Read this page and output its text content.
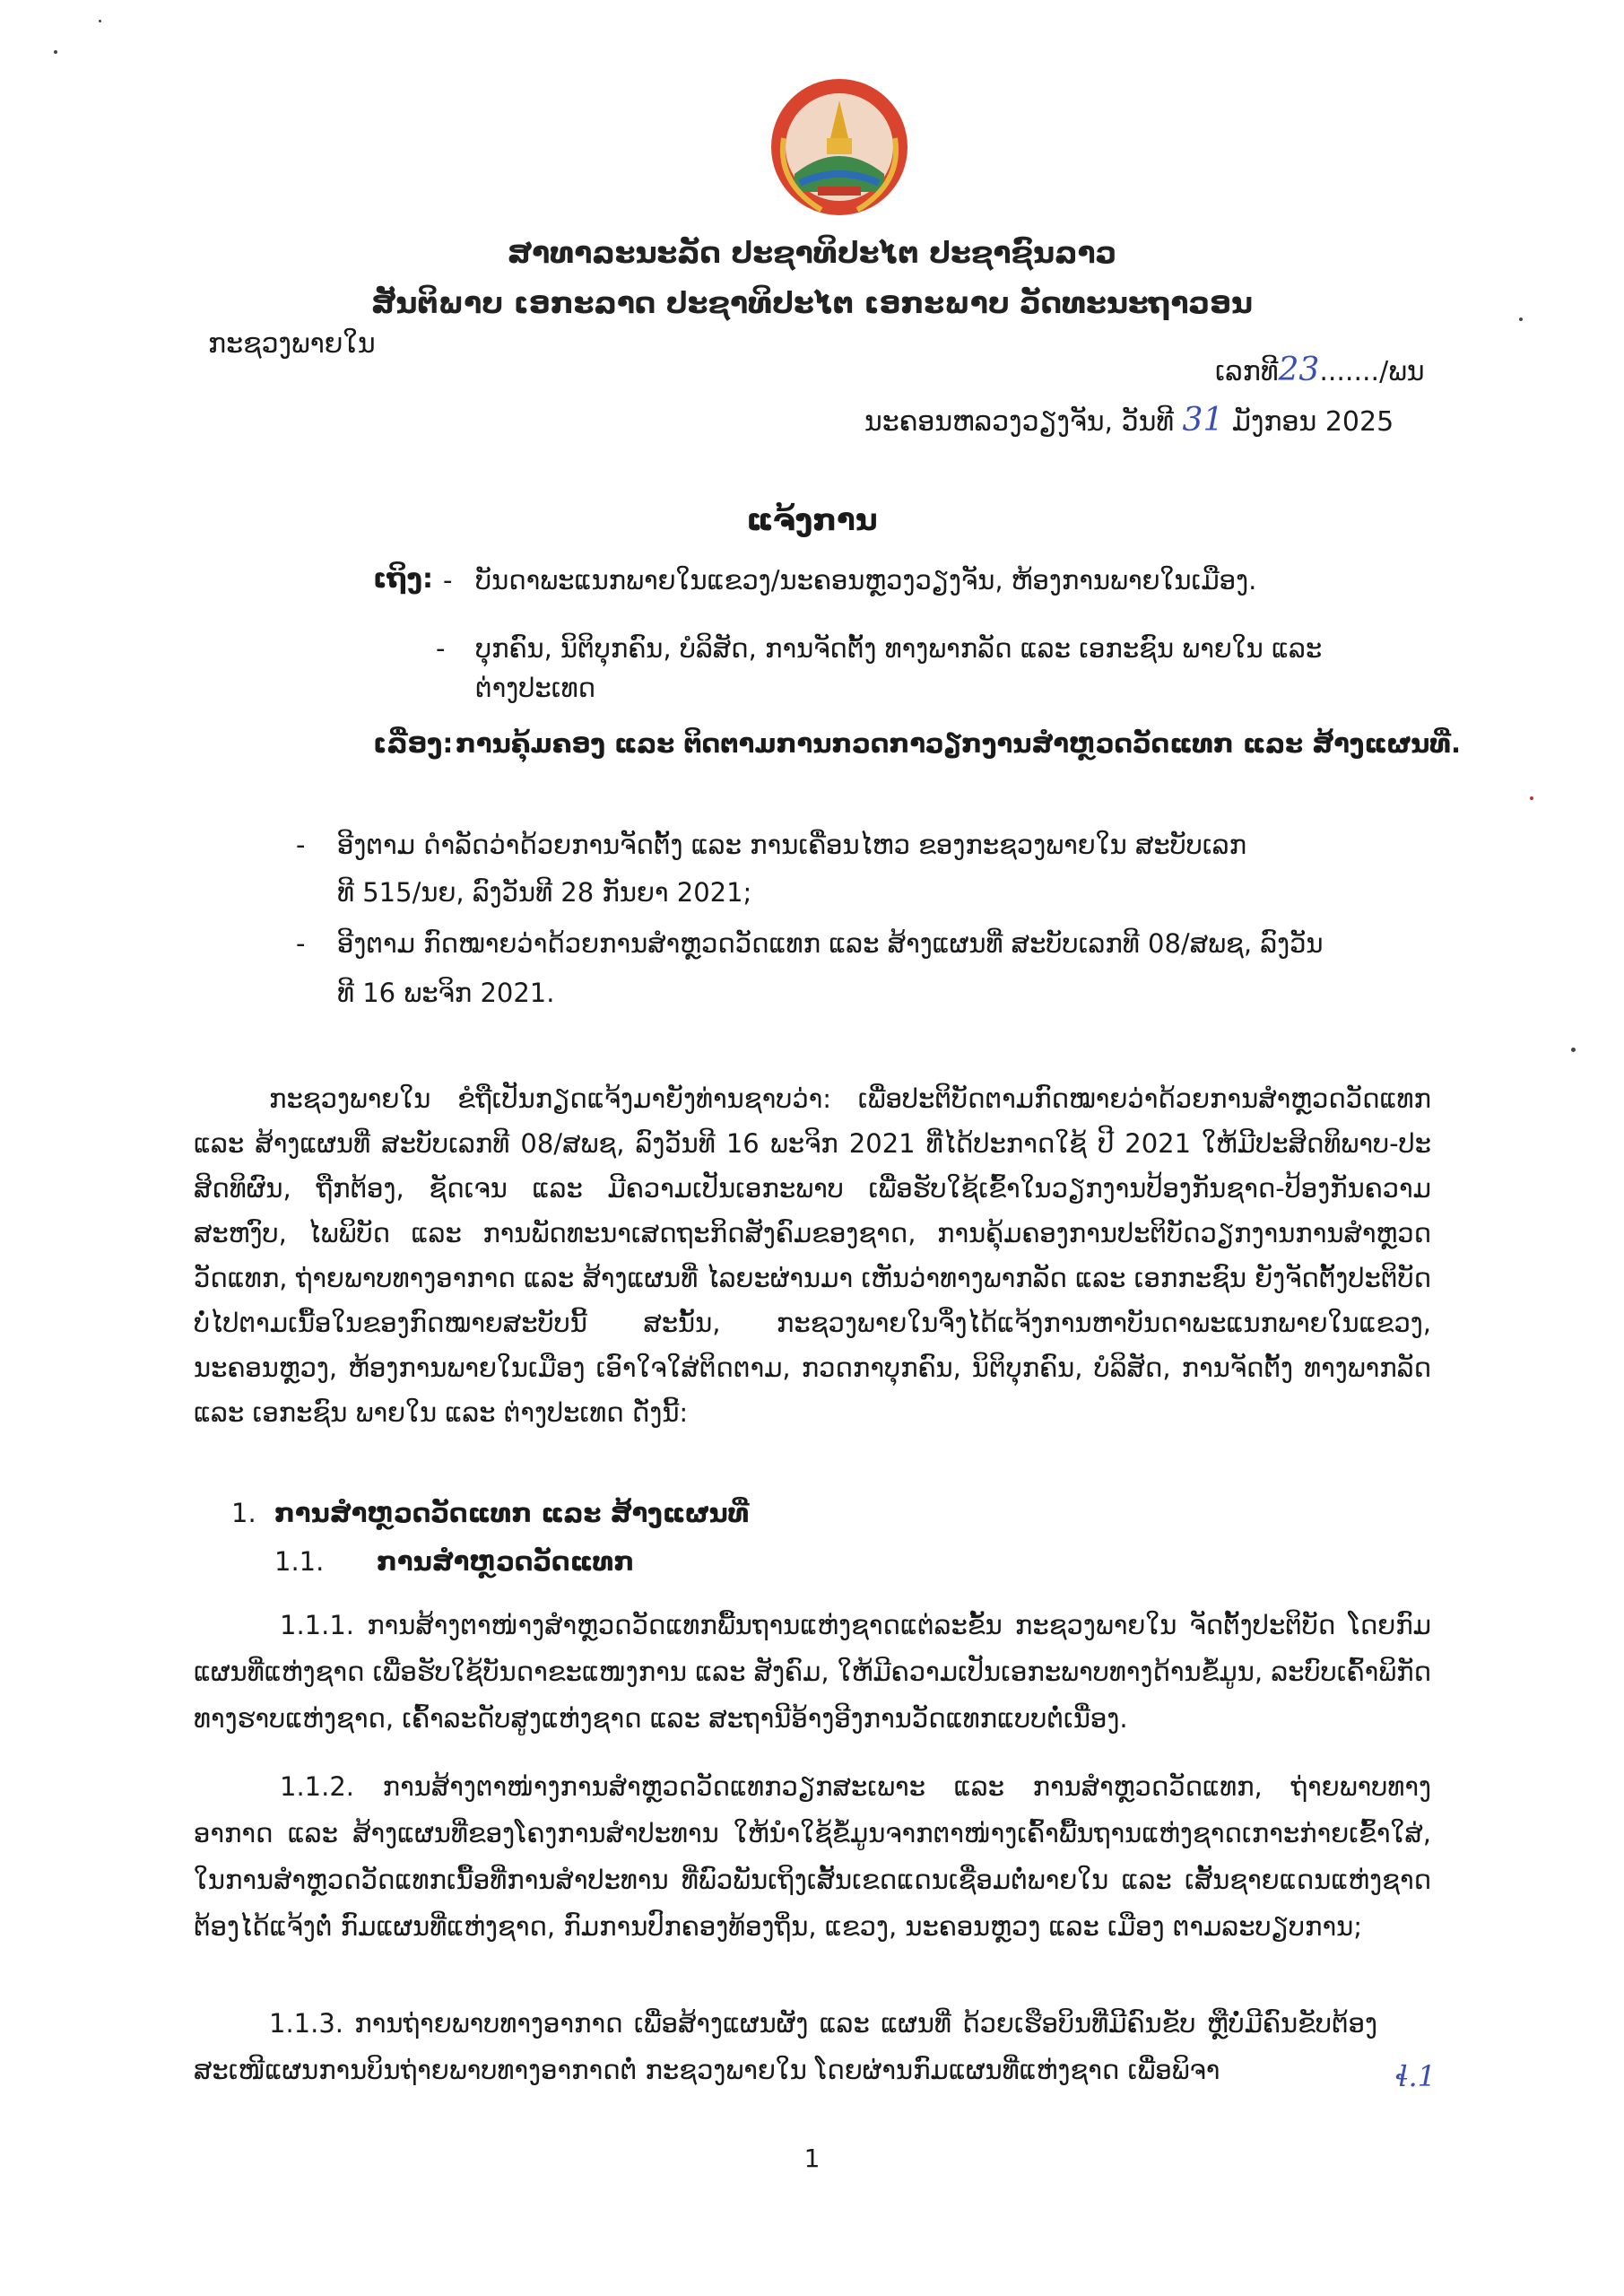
ສາທາລະນະລັດ ປະຊາທິປະໄຕ ປະຊາຊົນລາວ
ສັນຕິພາບ ເອກະລາດ ປະຊາທິປະໄຕ ເອກະພາບ ວັດທະນະຖາວອນ
ກະຊວງພາຍໃນ
ເລກທີ23......./ພນ
ນະຄອນຫລວງວຽງຈັນ, ວັນທີ 31 ມັງກອນ 2025
ແຈ້ງການ
ເຖິງ: - ບັນດາພະແນກພາຍໃນແຂວງ/ນະຄອນຫຼວງວຽງຈັນ, ຫ້ອງການພາຍໃນເມືອງ.
- ບຸກຄົນ, ນິຕິບຸກຄົນ, ບໍລິສັດ, ການຈັດຕັ້ງ ທາງພາກລັດ ແລະ ເອກະຊົນ ພາຍໃນ ແລະ
ຕ່າງປະເທດ
ເລື່ອງ: ການຄຸ້ມຄອງ ແລະ ຕິດຕາມການກວດກາວຽກງານສຳຫຼວດວັດແທກ ແລະ ສ້າງແຜນທີ່.
- ອີງຕາມ ດຳລັດວ່າດ້ວຍການຈັດຕັ້ງ ແລະ ການເຄື່ອນໄຫວ ຂອງກະຊວງພາຍໃນ ສະບັບເລກ
ທີ 515/ນຍ, ລົງວັນທີ 28 ກັນຍາ 2021;
- ອີງຕາມ ກົດໝາຍວ່າດ້ວຍການສຳຫຼວດວັດແທກ ແລະ ສ້າງແຜນທີ່ ສະບັບເລກທີ 08/ສພຊ, ລົງວັນ
ທີ 16 ພະຈິກ 2021.
ກະຊວງພາຍໃນ ຂໍຖືເປັນກຽດແຈ້ງມາຍັງທ່ານຊາບວ່າ: ເພື່ອປະຕິບັດຕາມກົດໝາຍວ່າດ້ວຍການສຳຫຼວດວັດແທກ ແລະ ສ້າງແຜນທີ່ ສະບັບເລກທີ 08/ສພຊ, ລົງວັນທີ 16 ພະຈິກ 2021 ທີ່ໄດ້ປະກາດໃຊ້ ປີ 2021 ໃຫ້ມີປະສິດທິພາບ-ປະສິດທິຜົນ, ຖືກຕ້ອງ, ຊັດເຈນ ແລະ ມີຄວາມເປັນເອກະພາບ ເພື່ອຮັບໃຊ້ເຂົ້າໃນວຽກງານປ້ອງກັນຊາດ-ປ້ອງກັນຄວາມສະຫງົບ, ໄພພິບັດ ແລະ ການພັດທະນາເສດຖະກິດສັງຄົມຂອງຊາດ, ການຄຸ້ມຄອງການປະຕິບັດວຽກງານການສຳຫຼວດວັດແທກ, ຖ່າຍພາບທາງອາກາດ ແລະ ສ້າງແຜນທີ່ ໄລຍະຜ່ານມາ ເຫັນວ່າທາງພາກລັດ ແລະ ເອກກະຊົນ ຍັງຈັດຕັ້ງປະຕິບັດບໍ່ໄປຕາມເນື້ອໃນຂອງກົດໝາຍສະບັບນີ້ ສະນັ້ນ, ກະຊວງພາຍໃນຈຶ່ງໄດ້ແຈ້ງການຫາບັນດາພະແນກພາຍໃນແຂວງ, ນະຄອນຫຼວງ, ຫ້ອງການພາຍໃນເມືອງ ເອົາໃຈໃສ່ຕິດຕາມ, ກວດກາບຸກຄົນ, ນິຕິບຸກຄົນ, ບໍລິສັດ, ການຈັດຕັ້ງ ທາງພາກລັດ ແລະ ເອກະຊົນ ພາຍໃນ ແລະ ຕ່າງປະເທດ ດັ່ງນີ້:
1. ການສຳຫຼວດວັດແທກ ແລະ ສ້າງແຜນທີ່
1.1. ການສຳຫຼວດວັດແທກ
1.1.1. ການສ້າງຕາໜ່າງສຳຫຼວດວັດແທກພື້ນຖານແຫ່ງຊາດແຕ່ລະຂັ້ນ ກະຊວງພາຍໃນ ຈັດຕັ້ງປະຕິບັດ ໂດຍກົມແຜນທີ່ແຫ່ງຊາດ ເພື່ອຮັບໃຊ້ບັນດາຂະແໜງການ ແລະ ສັງຄົມ, ໃຫ້ມີຄວາມເປັນເອກະພາບທາງດ້ານຂໍ້ມູນ, ລະບົບເຄົ້າພິກັດທາງຮາບແຫ່ງຊາດ, ເຄົ້າລະດັບສູງແຫ່ງຊາດ ແລະ ສະຖານີອ້າງອີງການວັດແທກແບບຕໍ່ເນື່ອງ.
1.1.2. ການສ້າງຕາໜ່າງການສຳຫຼວດວັດແທກວຽກສະເພາະ ແລະ ການສຳຫຼວດວັດແທກ, ຖ່າຍພາບທາງ ອາກາດ ແລະ ສ້າງແຜນທີ່ຂອງໂຄງການສຳປະທານ ໃຫ້ນຳໃຊ້ຂໍ້ມູນຈາກຕາໜ່າງເຄົ້າພື້ນຖານແຫ່ງຊາດເກາະກ່າຍເຂົ້າໃສ່, ໃນການສຳຫຼວດວັດແທກເນື້ອທີ່ການສຳປະທານ ທີ່ພົວພັນເຖິງເສັ້ນເຂດແດນເຊື່ອມຕໍ່ພາຍໃນ ແລະ ເສັ້ນຊາຍແດນແຫ່ງຊາດ ຕ້ອງໄດ້ແຈ້ງຕໍ່ ກົມແຜນທີ່ແຫ່ງຊາດ, ກົມການປົກຄອງທ້ອງຖິ່ນ, ແຂວງ, ນະຄອນຫຼວງ ແລະ ເມືອງ ຕາມລະບຽບການ;
1.1.3. ການຖ່າຍພາບທາງອາກາດ ເພື່ອສ້າງແຜນຜັງ ແລະ ແຜນທີ່ ດ້ວຍເຮືອບິນທີ່ມີຄົນຂັບ ຫຼືບໍ່ມີຄົນຂັບຕ້ອງສະເໜີແຜນການບິນຖ່າຍພາບທາງອາກາດຕໍ່ ກະຊວງພາຍໃນ ໂດຍຜ່ານກົມແຜນທີ່ແຫ່ງຊາດ ເພື່ອພິຈາ	ɬ.1
1
